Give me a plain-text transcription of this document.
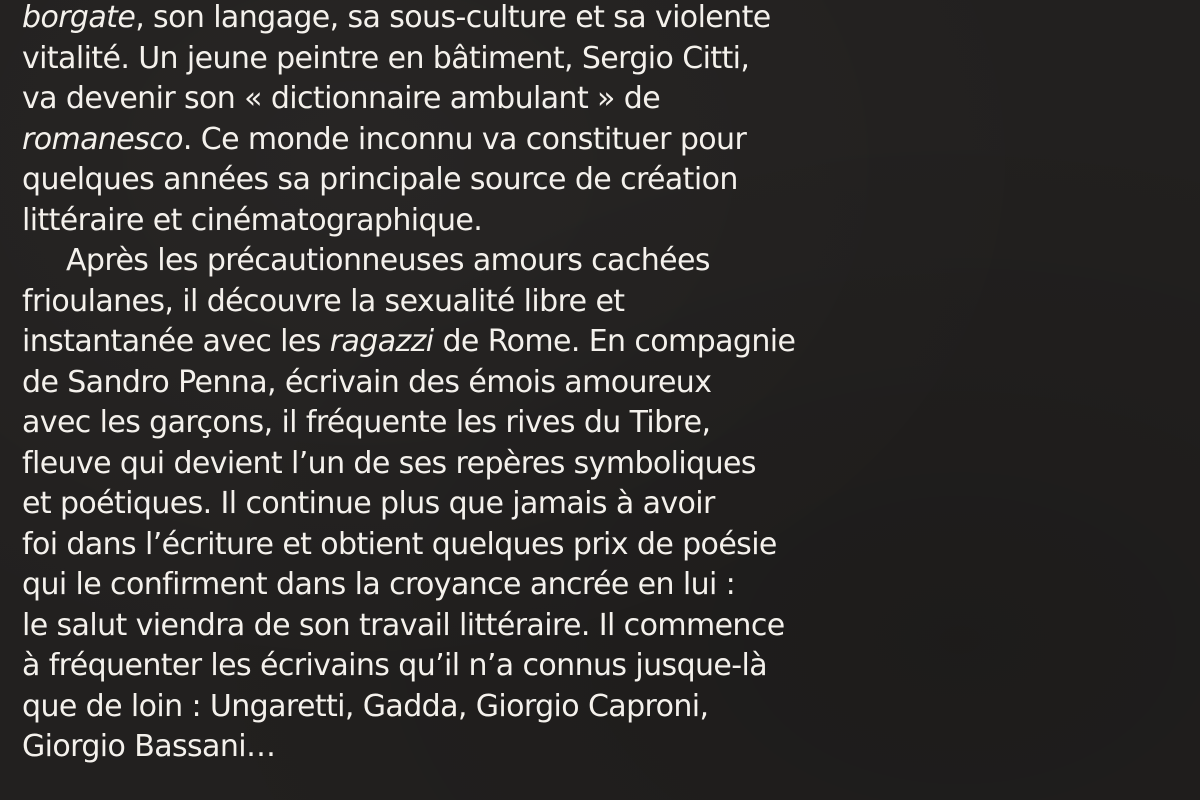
borgate, son langage, sa sous-culture et sa violente
vitalité. Un jeune peintre en bâtiment, Sergio Citti,
va devenir son « dictionnaire ambulant » de
romanesco. Ce monde inconnu va constituer pour
quelques années sa principale source de création
littéraire et cinématographique.
Après les précautionneuses amours cachées
frioulanes, il découvre la sexualité libre et
instantanée avec les ragazzi de Rome. En compagnie
de Sandro Penna, écrivain des émois amoureux
avec les garçons, il fréquente les rives du Tibre,
fleuve qui devient l’un de ses repères symboliques
et poétiques. Il continue plus que jamais à avoir
foi dans l’écriture et obtient quelques prix de poésie
qui le confirment dans la croyance ancrée en lui :
le salut viendra de son travail littéraire. Il commence
à fréquenter les écrivains qu’il n’a connus jusque-là
que de loin : Ungaretti, Gadda, Giorgio Caproni,
Giorgio Bassani…
